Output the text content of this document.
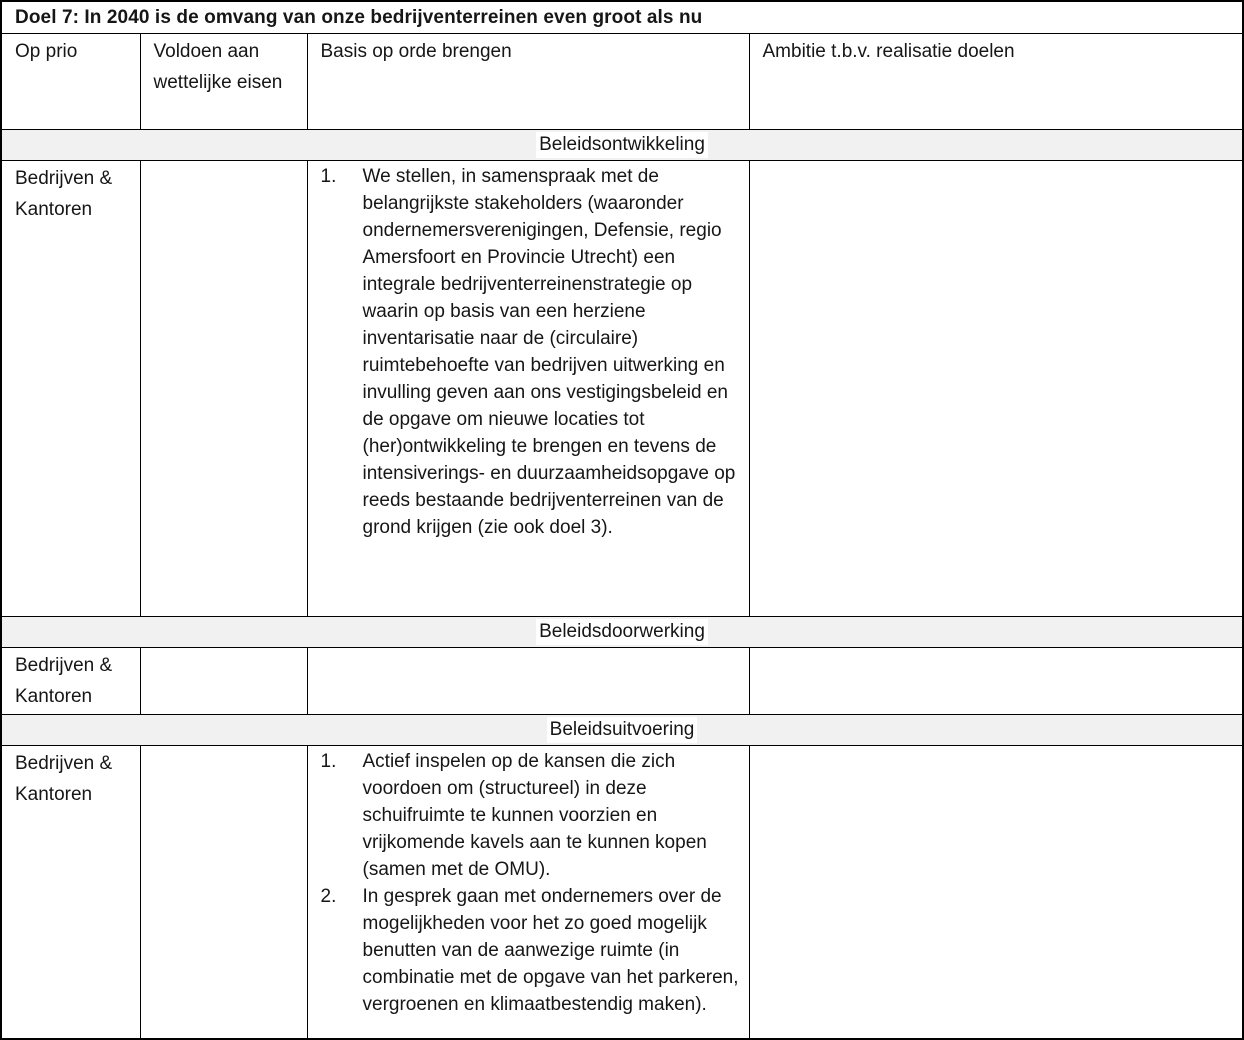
Doel 7: In 2040 is de omvang van onze bedrijventerreinen even groot als nu			
Op prio	Voldoen aan wettelijke eisen	Basis op orde brengen	Ambitie t.b.v. realisatie doelen
Beleidsontwikkeling			
Bedrijven & Kantoren		1. We stellen, in samenspraak met de belangrijkste stakeholders (waaronder ondernemersverenigingen, Defensie, regio Amersfoort en Provincie Utrecht) een integrale bedrijventerreinenstrategie op waarin op basis van een herziene inventarisatie naar de (circulaire) ruimtebehoefte van bedrijven uitwerking en invulling geven aan ons vestigingsbeleid en de opgave om nieuwe locaties tot (her)ontwikkeling te brengen en tevens de intensiverings- en duurzaamheidsopgave op reeds bestaande bedrijventerreinen van de grond krijgen (zie ook doel 3).	

Beleidsdoorwerking			
Bedrijven & Kantoren			
Beleidsuitvoering			
Bedrijven & Kantoren		1. Actief inspelen op de kansen die zich voordoen om (structureel) in deze schuifruimte te kunnen voorzien en vrijkomende kavels aan te kunnen kopen (samen met de OMU).
2. In gesprek gaan met ondernemers over de mogelijkheden voor het zo goed mogelijk benutten van de aanwezige ruimte (in combinatie met de opgave van het parkeren, vergroenen en klimaatbestendig maken).	
